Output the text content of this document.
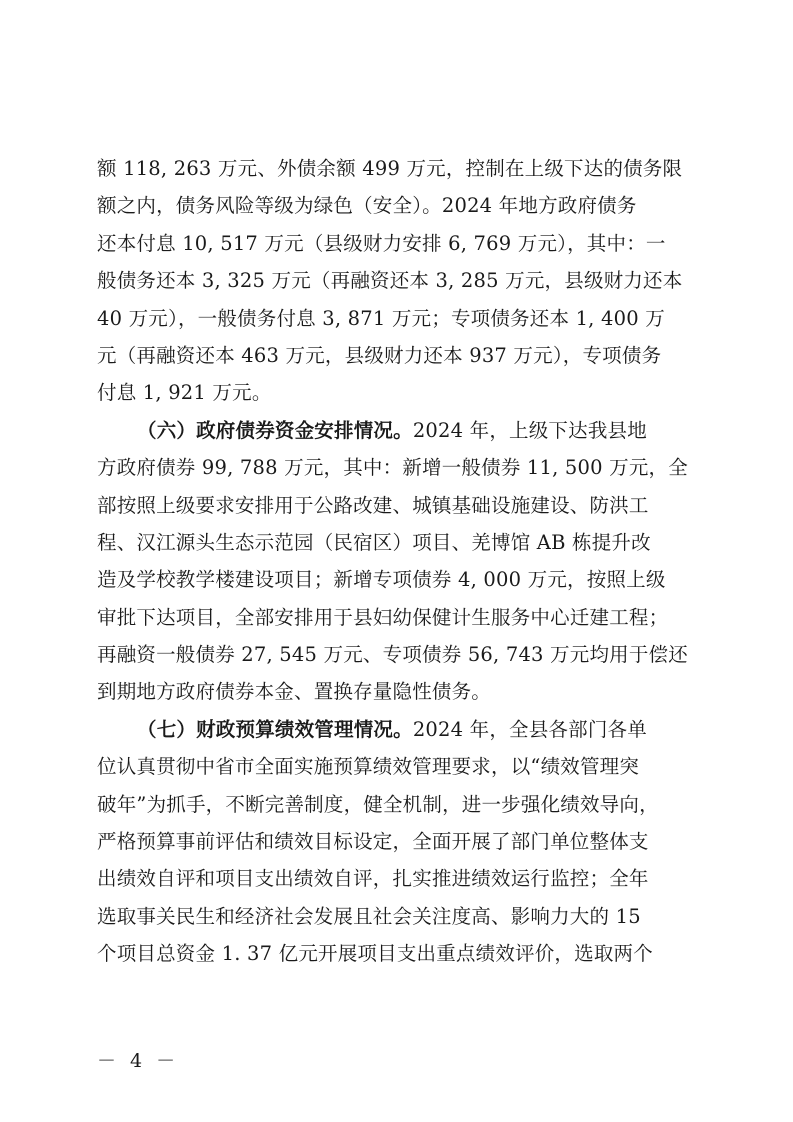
额 118, 263 万元、外债余额 499 万元，控制在上级下达的债务限
额之内，债务风险等级为绿色（安全）。2024 年地方政府债务
还本付息 10, 517 万元（县级财力安排 6, 769 万元），其中：一
般债务还本 3, 325 万元（再融资还本 3, 285 万元，县级财力还本
40 万元），一般债务付息 3, 871 万元；专项债务还本 1, 400 万
元（再融资还本 463 万元，县级财力还本 937 万元），专项债务
付息 1, 921 万元。
（六）政府债券资金安排情况。2024 年，上级下达我县地
方政府债券 99, 788 万元，其中：新增一般债券 11, 500 万元，全
部按照上级要求安排用于公路改建、城镇基础设施建设、防洪工
程、汉江源头生态示范园（民宿区）项目、羌博馆 AB 栋提升改
造及学校教学楼建设项目；新增专项债券 4, 000 万元，按照上级
审批下达项目，全部安排用于县妇幼保健计生服务中心迁建工程；
再融资一般债券 27, 545 万元、专项债券 56, 743 万元均用于偿还
到期地方政府债券本金、置换存量隐性债务。
（七）财政预算绩效管理情况。2024 年，全县各部门各单
位认真贯彻中省市全面实施预算绩效管理要求，以“绩效管理突
破年”为抓手，不断完善制度，健全机制，进一步强化绩效导向，
严格预算事前评估和绩效目标设定，全面开展了部门单位整体支
出绩效自评和项目支出绩效自评，扎实推进绩效运行监控；全年
选取事关民生和经济社会发展且社会关注度高、影响力大的 15
个项目总资金 1. 37 亿元开展项目支出重点绩效评价，选取两个
－ 4 －
